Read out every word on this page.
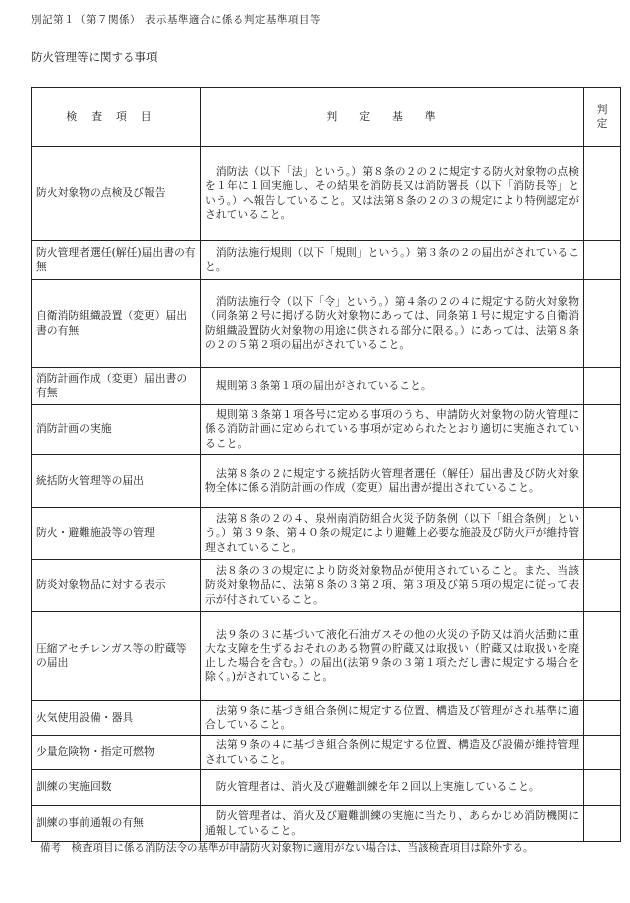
別記第１（第７関係） 表示基準適合に係る判定基準項目等
防火管理等に関する事項
検査項目	判定基準	判定
防火対象物の点検及び報告	消防法（以下「法」という。）第８条の２の２に規定する防火対象物の点検を１年に１回実施し、その結果を消防長又は消防署長（以下「消防長等」という。）へ報告していること。又は法第８条の２の３の規定により特例認定がされていること。	
防火管理者選任(解任)届出書の有無	消防法施行規則（以下「規則」という。）第３条の２の届出がされていること。	
自衛消防組織設置（変更）届出書の有無	消防法施行令（以下「令」という。）第４条の２の４に規定する防火対象物（同条第２号に掲げる防火対象物にあっては、同条第１号に規定する自衛消防組織設置防火対象物の用途に供される部分に限る。）にあっては、法第８条の２の５第２項の届出がされていること。	
消防計画作成（変更）届出書の有無	規則第３条第１項の届出がされていること。	
消防計画の実施	規則第３条第１項各号に定める事項のうち、申請防火対象物の防火管理に係る消防計画に定められている事項が定められたとおり適切に実施されていること。	
統括防火管理等の届出	法第８条の２に規定する統括防火管理者選任（解任）届出書及び防火対象物全体に係る消防計画の作成（変更）届出書が提出されていること。	
防火・避難施設等の管理	法第８条の２の４、泉州南消防組合火災予防条例（以下「組合条例」という。）第３９条、第４０条の規定により避難上必要な施設及び防火戸が維持管理されていること。	
防炎対象物品に対する表示	法８条の３の規定により防炎対象物品が使用されていること。また、当該防炎対象物品に、法第８条の３第２項、第３項及び第５項の規定に従って表示が付されていること。	
圧縮アセチレンガス等の貯蔵等の届出	法９条の３に基づいて液化石油ガスその他の火災の予防又は消火活動に重大な支障を生ずるおそれのある物質の貯蔵又は取扱い（貯蔵又は取扱いを廃止した場合を含む。）の届出(法第９条の３第１項ただし書に規定する場合を除く。)がされていること。	
火気使用設備・器具	法第９条に基づき組合条例に規定する位置、構造及び管理がされ基準に適合していること。	
少量危険物・指定可燃物	法第９条の４に基づき組合条例に規定する位置、構造及び設備が維持管理されていること。	
訓練の実施回数	防火管理者は、消火及び避難訓練を年２回以上実施していること。	
訓練の事前通報の有無	防火管理者は、消火及び避難訓練の実施に当たり、あらかじめ消防機関に通報していること。	
備考　検査項目に係る消防法令の基準が申請防火対象物に適用がない場合は、当該検査項目は除外する。
